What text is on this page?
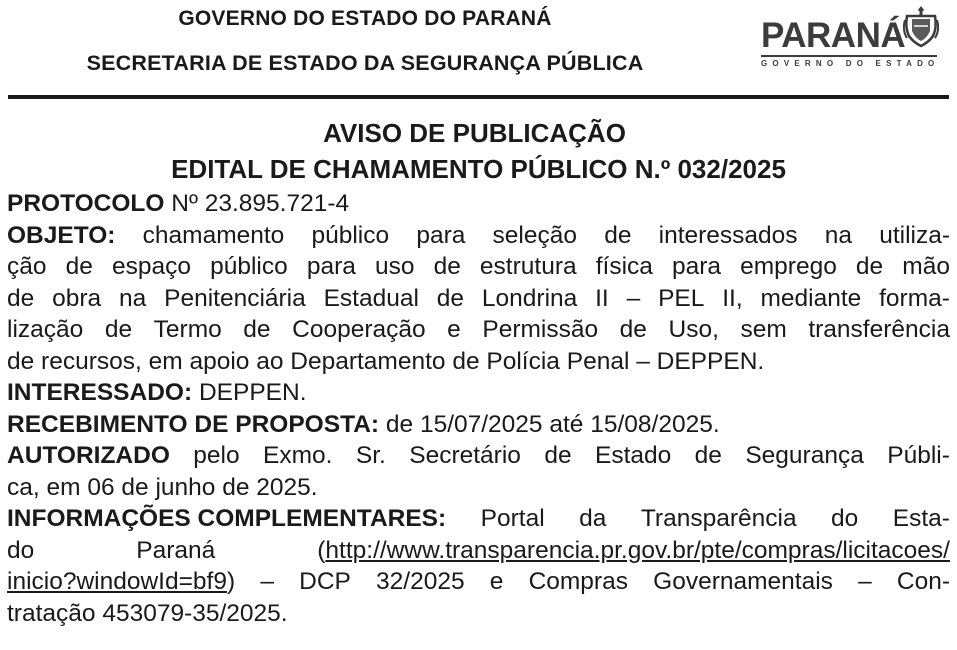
GOVERNO DO ESTADO DO PARANÁ
SECRETARIA DE ESTADO DA SEGURANÇA PÚBLICA
PARANÁ
GOVERNO DO ESTADO
AVISO DE PUBLICAÇÃO
EDITAL DE CHAMAMENTO PÚBLICO N.º 032/2025
PROTOCOLO Nº 23.895.721-4
OBJETO: chamamento público para seleção de interessados na utiliza-
ção de espaço público para uso de estrutura física para emprego de mão
de obra na Penitenciária Estadual de Londrina II – PEL II, mediante forma-
lização de Termo de Cooperação e Permissão de Uso, sem transferência
de recursos, em apoio ao Departamento de Polícia Penal – DEPPEN.
INTERESSADO: DEPPEN.
RECEBIMENTO DE PROPOSTA: de 15/07/2025 até 15/08/2025.
AUTORIZADO pelo Exmo. Sr. Secretário de Estado de Segurança Públi-
ca, em 06 de junho de 2025.
INFORMAÇÕES COMPLEMENTARES: Portal da Transparência do Esta-
do	Paraná	(http://www.transparencia.pr.gov.br/pte/compras/licitacoes/
inicio?windowId=bf9) – DCP 32/2025 e Compras Governamentais – Con-
tratação 453079-35/2025.
